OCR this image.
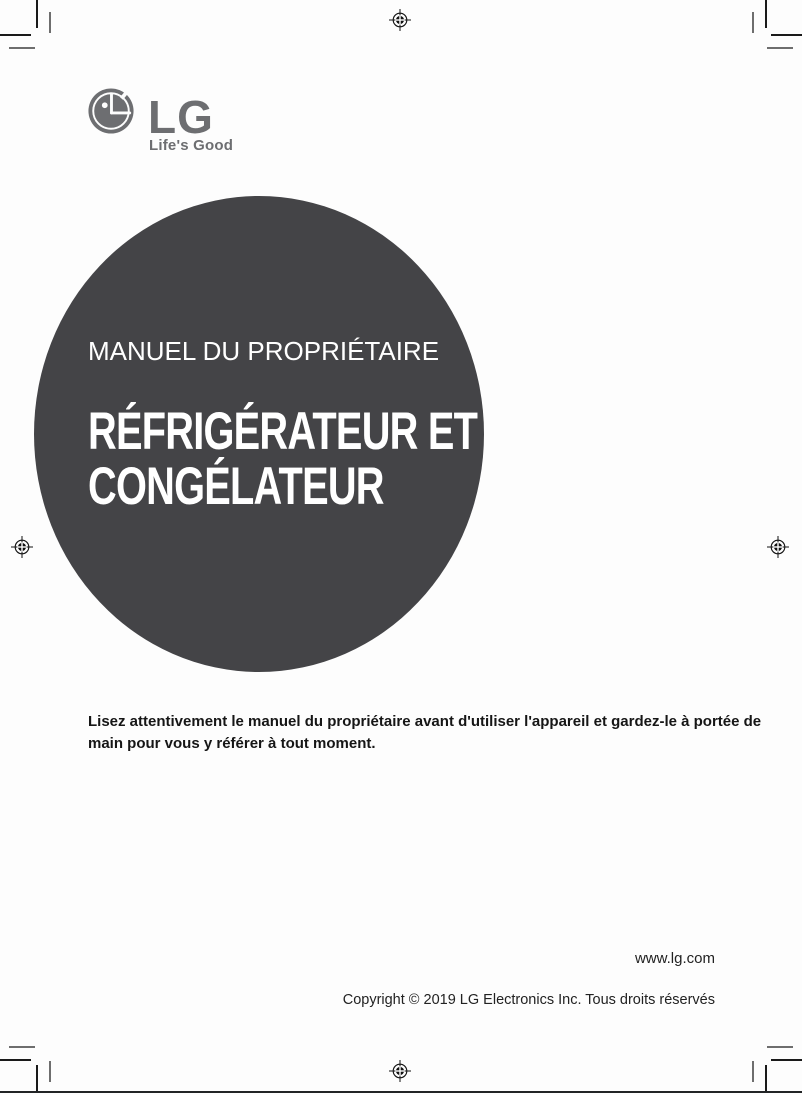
LG
Life's Good
MANUEL DU PROPRIÉTAIRE
RÉFRIGÉRATEUR ET
CONGÉLATEUR
Lisez attentivement le manuel du propriétaire avant d'utiliser l'appareil et gardez-le à portée de
main pour vous y référer à tout moment.
www.lg.com
Copyright © 2019 LG Electronics Inc. Tous droits réservés
